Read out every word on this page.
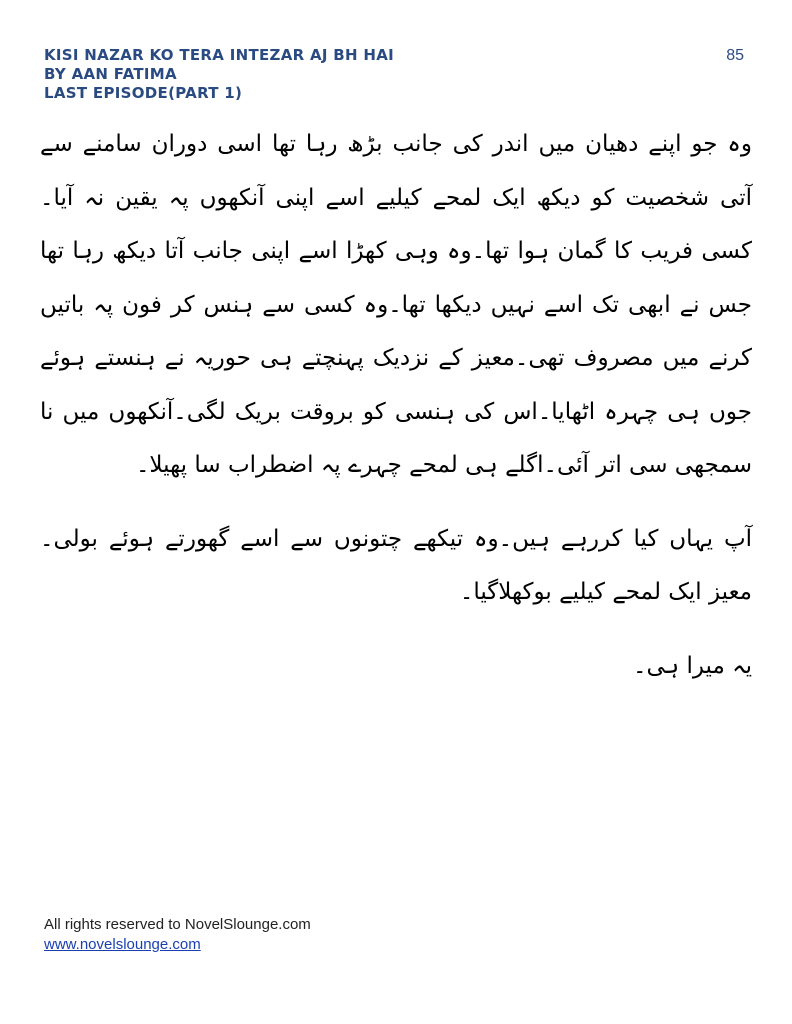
KISI NAZAR KO TERA INTEZAR AJ BH HAI
BY AAN FATIMA
LAST EPISODE(PART 1)
85

وہ جو اپنے دھیان میں اندر کی جانب بڑھ رہا تھا اسی دوران سامنے سے آتی شخصیت کو دیکھ ایک لمحے کیلیے اسے اپنی آنکھوں پہ یقین نہ آیا۔کسی فریب کا گمان ہوا تھا۔وہ وہی کھڑا اسے اپنی جانب آتا دیکھ رہا تھا جس نے ابھی تک اسے نہیں دیکھا تھا۔وہ کسی سے ہنس کر فون پہ باتیں کرنے میں مصروف تھی۔معیز کے نزدیک پہنچتے ہی حوریہ نے ہنستے ہوئے جوں ہی چہرہ اٹھایا۔اس کی ہنسی کو بروقت بریک لگی۔آنکھوں میں نا سمجھی سی اتر آئی۔اگلے ہی لمحے چہرے پہ اضطراب سا پھیلا۔

آپ یہاں کیا کررہے ہیں۔وہ تیکھے چتونوں سے اسے گھورتے ہوئے بولی۔معیز ایک لمحے کیلیے بوکھلاگیا۔

یہ میرا ہی۔

All rights reserved to NovelSlounge.com
www.novelslounge.com
